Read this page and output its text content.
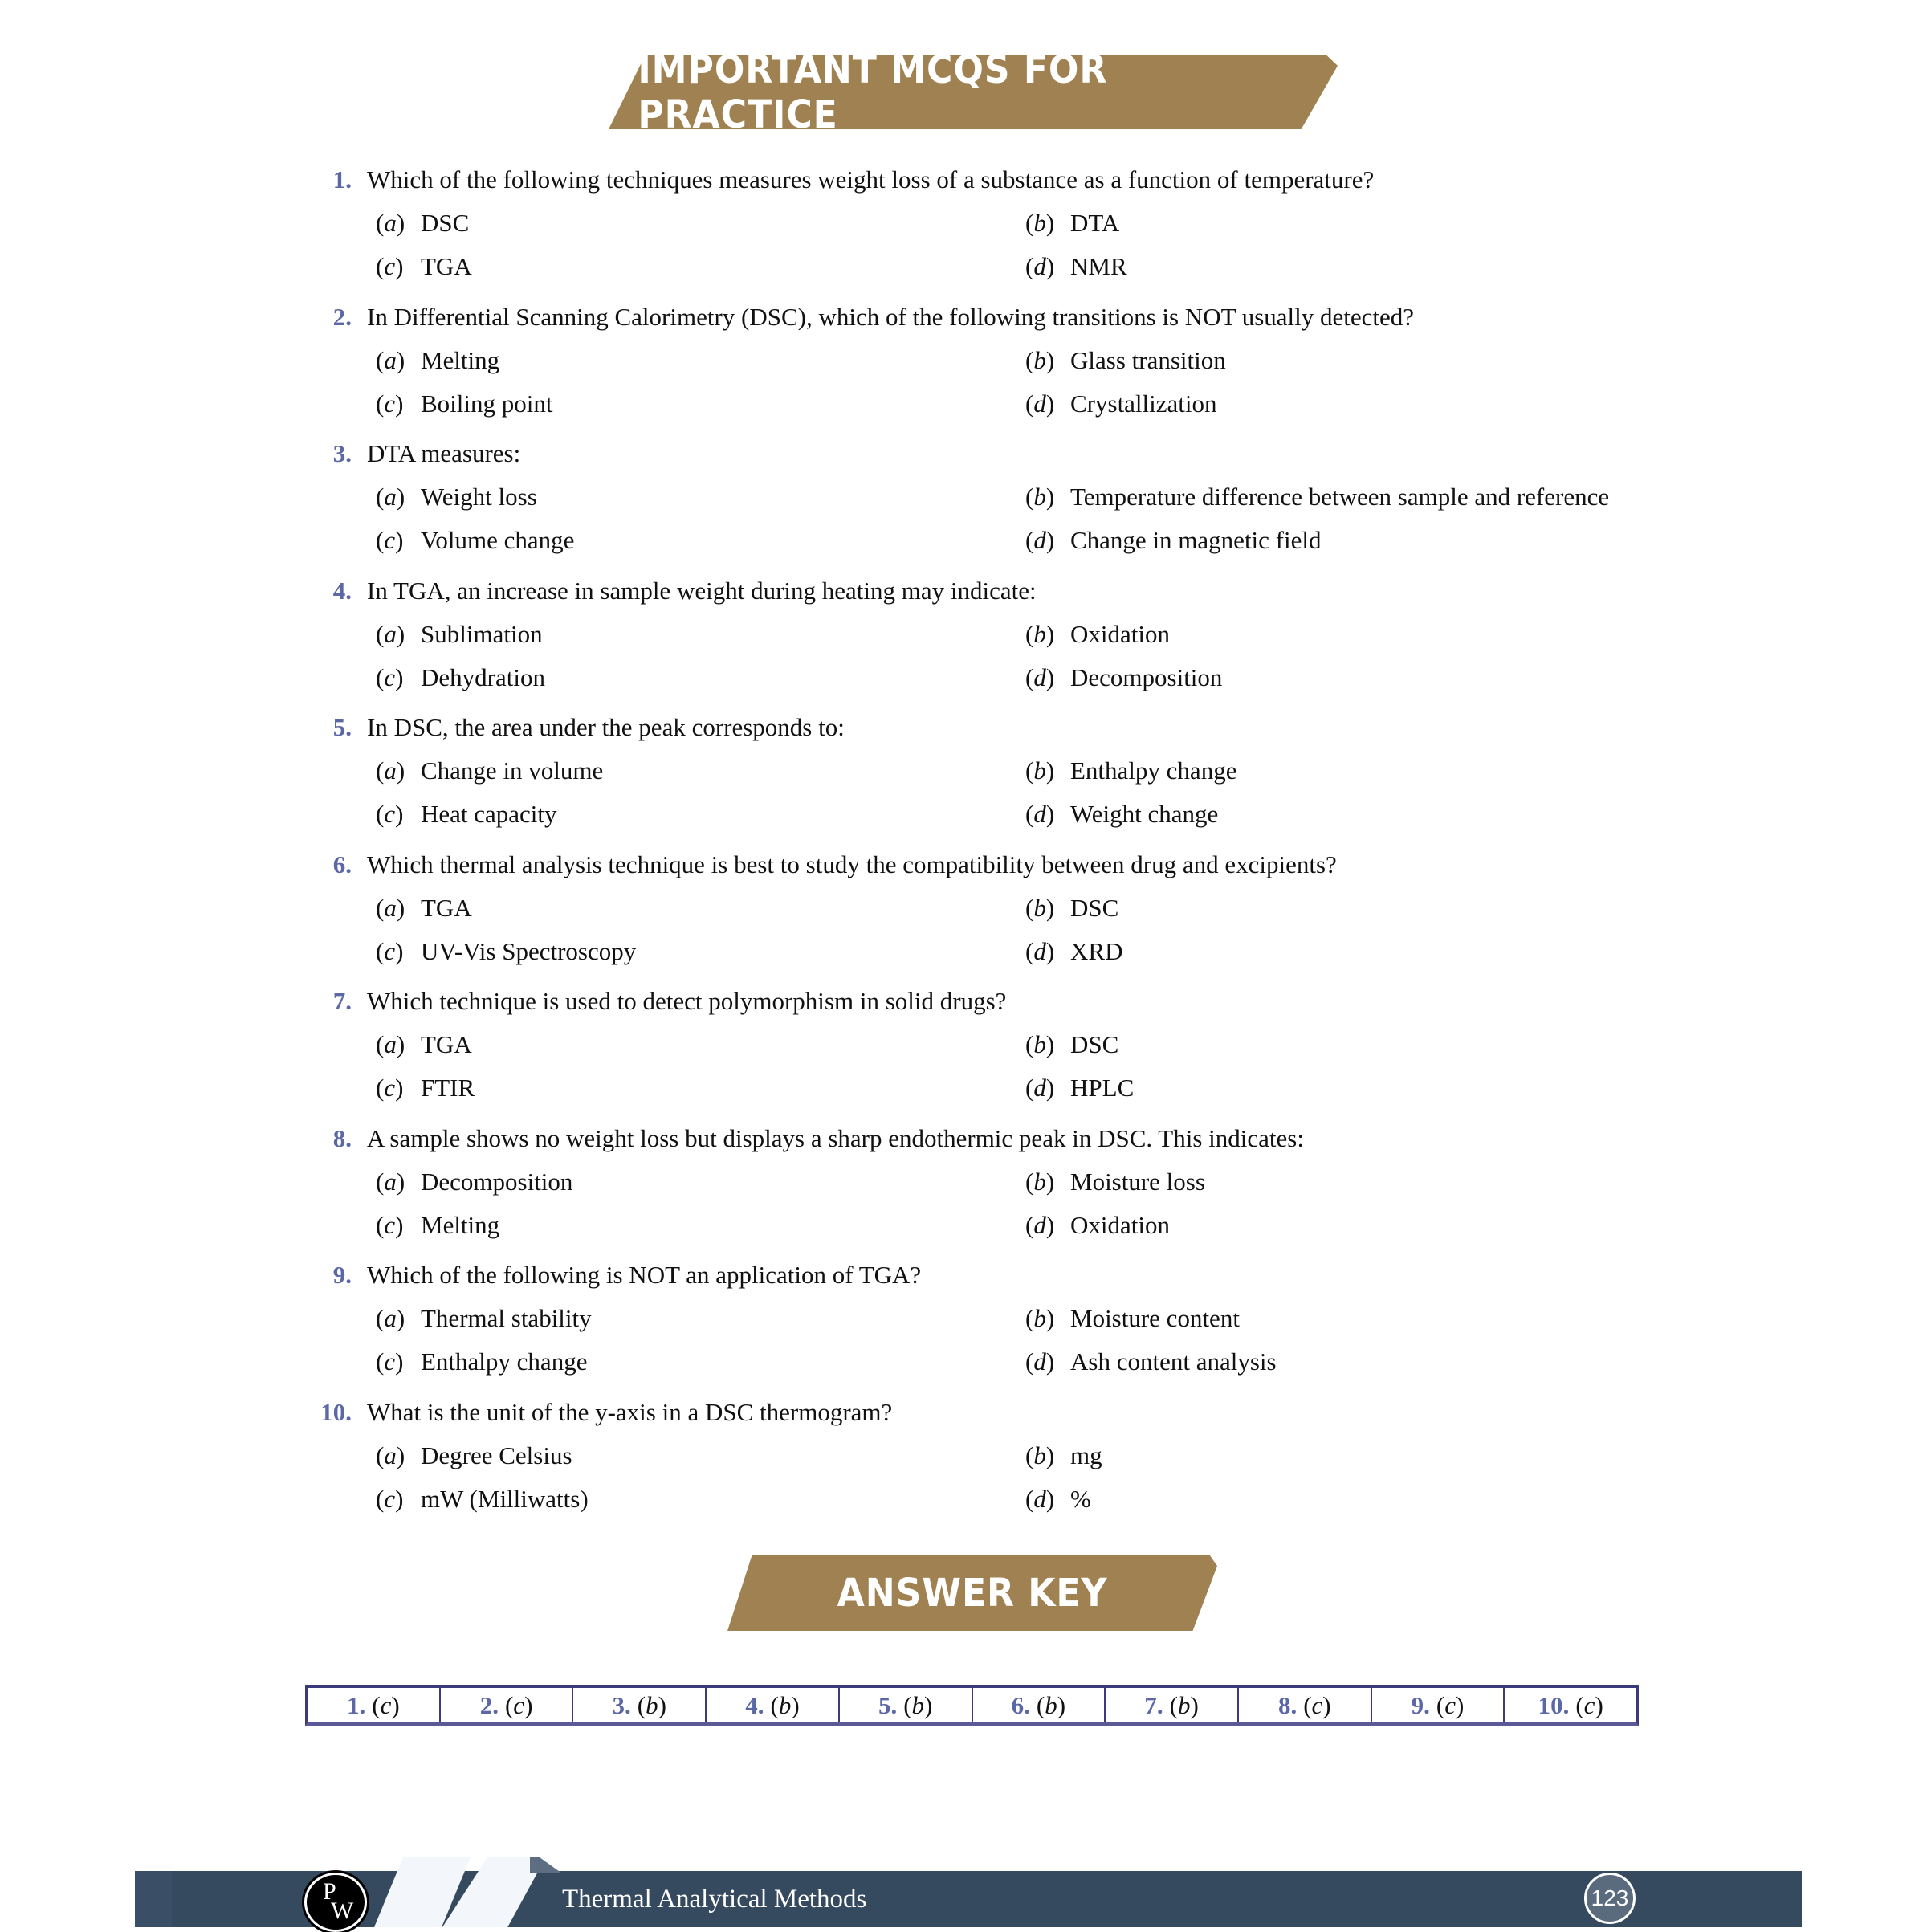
IMPORTANT MCQS FOR PRACTICE
1. Which of the following techniques measures weight loss of a substance as a function of temperature?
(a) DSC	(b) DTA
(c) TGA	(d) NMR
2. In Differential Scanning Calorimetry (DSC), which of the following transitions is NOT usually detected?
(a) Melting	(b) Glass transition
(c) Boiling point	(d) Crystallization
3. DTA measures:
(a) Weight loss	(b) Temperature difference between sample and reference
(c) Volume change	(d) Change in magnetic field
4. In TGA, an increase in sample weight during heating may indicate:
(a) Sublimation	(b) Oxidation
(c) Dehydration	(d) Decomposition
5. In DSC, the area under the peak corresponds to:
(a) Change in volume	(b) Enthalpy change
(c) Heat capacity	(d) Weight change
6. Which thermal analysis technique is best to study the compatibility between drug and excipients?
(a) TGA	(b) DSC
(c) UV-Vis Spectroscopy	(d) XRD
7. Which technique is used to detect polymorphism in solid drugs?
(a) TGA	(b) DSC
(c) FTIR	(d) HPLC
8. A sample shows no weight loss but displays a sharp endothermic peak in DSC. This indicates:
(a) Decomposition	(b) Moisture loss
(c) Melting	(d) Oxidation
9. Which of the following is NOT an application of TGA?
(a) Thermal stability	(b) Moisture content
(c) Enthalpy change	(d) Ash content analysis
10. What is the unit of the y-axis in a DSC thermogram?
(a) Degree Celsius	(b) mg
(c) mW (Milliwatts)	(d) %
ANSWER KEY
1. (c)	2. (c)	3. (b)	4. (b)	5. (b)	6. (b)	7. (b)	8. (c)	9. (c)	10. (c)
P
W	Thermal Analytical Methods	123
